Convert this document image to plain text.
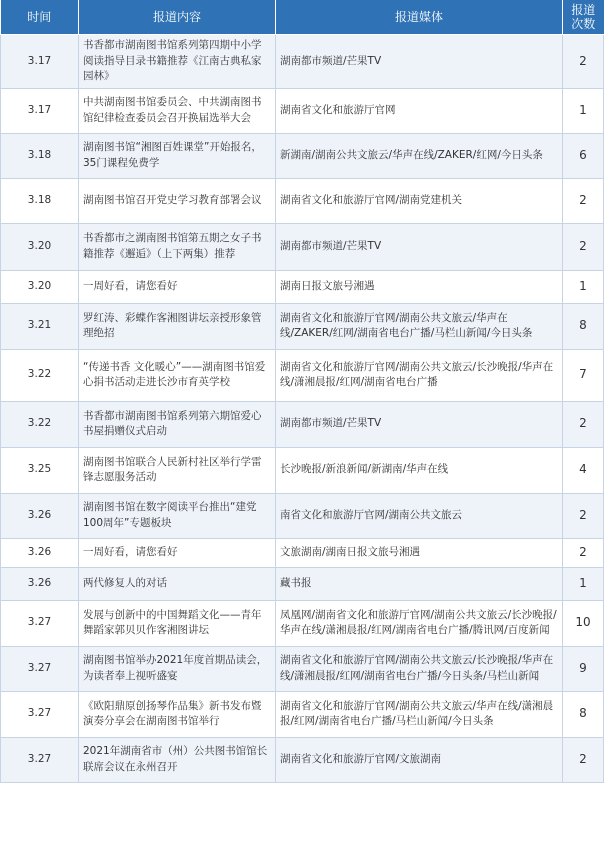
时间	报道内容	报道媒体	报道
次数
3.17	书香都市湖南图书馆系列第四期中小学阅读指导目录书籍推荐《江南古典私家园林》	湖南都市频道/芒果TV	2
3.17	中共湖南图书馆委员会、中共湖南图书馆纪律检查委员会召开换届选举大会	湖南省文化和旅游厅官网	1
3.18	湖南图书馆“湘图百姓课堂”开始报名，35门课程免费学	新湖南/湖南公共文旅云/华声在线/ZAKER/红网/今日头条	6
3.18	湖南图书馆召开党史学习教育部署会议	湖南省文化和旅游厅官网/湖南党建机关	2
3.20	书香都市之湖南图书馆第五期之女子书籍推荐《邂逅》（上下两集）推荐	湖南都市频道/芒果TV	2
3.20	一周好看，请您看好	湖南日报文旅号湘遇	1
3.21	罗红涛、彩蝶作客湘图讲坛亲授形象管理绝招	湖南省文化和旅游厅官网/湖南公共文旅云/华声在线/ZAKER/红网/湖南省电台广播/马栏山新闻/今日头条	8
3.22	“传递书香 文化暖心”——湖南图书馆爱心捐书活动走进长沙市育英学校	湖南省文化和旅游厅官网/湖南公共文旅云/长沙晚报/华声在线/潇湘晨报/红网/湖南省电台广播	7
3.22	书香都市湖南图书馆系列第六期馆爱心书屋捐赠仪式启动	湖南都市频道/芒果TV	2
3.25	湖南图书馆联合人民新村社区举行学雷锋志愿服务活动	长沙晚报/新浪新闻/新湖南/华声在线	4
3.26	湖南图书馆在数字阅读平台推出“建党100周年”专题板块	南省文化和旅游厅官网/湖南公共文旅云	2
3.26	一周好看，请您看好	文旅湖南/湖南日报文旅号湘遇	2
3.26	两代修复人的对话	藏书报	1
3.27	发展与创新中的中国舞蹈文化——青年舞蹈家郭贝贝作客湘图讲坛	凤凰网/湖南省文化和旅游厅官网/湖南公共文旅云/长沙晚报/华声在线/潇湘晨报/红网/湖南省电台广播/腾讯网/百度新闻	10
3.27	湖南图书馆举办2021年度首期品读会，为读者奉上视听盛宴	湖南省文化和旅游厅官网/湖南公共文旅云/长沙晚报/华声在线/潇湘晨报/红网/湖南省电台广播/今日头条/马栏山新闻	9
3.27	《欧阳鼎原创扬琴作品集》新书发布暨演奏分享会在湖南图书馆举行	湖南省文化和旅游厅官网/湖南公共文旅云/华声在线/潇湘晨报/红网/湖南省电台广播/马栏山新闻/今日头条	8
3.27	2021年湖南省市（州）公共图书馆馆长联席会议在永州召开	湖南省文化和旅游厅官网/文旅湖南	2
